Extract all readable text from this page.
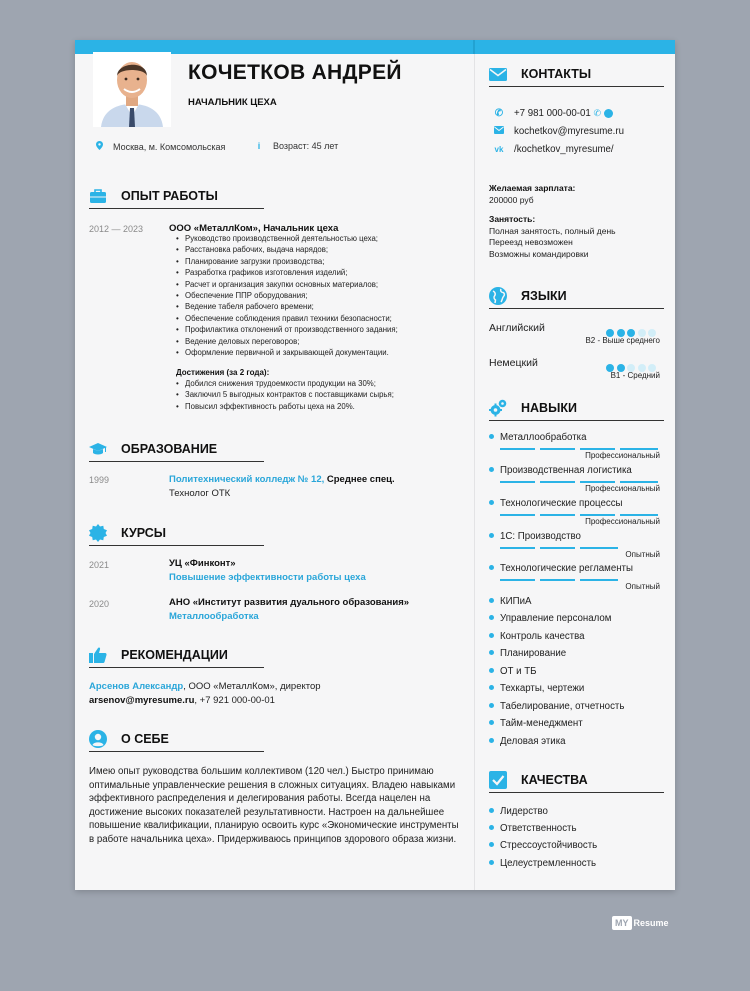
КОЧЕТКОВ АНДРЕЙ
НАЧАЛЬНИК ЦЕХА
Москва, м. Комсомольская	i Возраст: 45 лет
ОПЫТ РАБОТЫ
2012 — 2023	ООО «МеталлКом», Начальник цеха
• Руководство производственной деятельностью цеха;
• Расстановка рабочих, выдача нарядов;
• Планирование загрузки производства;
• Разработка графиков изготовления изделий;
• Расчет и организация закупки основных материалов;
• Обеспечение ППР оборудования;
• Ведение табеля рабочего времени;
• Обеспечение соблюдения правил техники безопасности;
• Профилактика отклонений от производственного задания;
• Ведение деловых переговоров;
• Оформление первичной и закрывающей документации.
Достижения (за 2 года):
• Добился снижения трудоемкости продукции на 30%;
• Заключил 5 выгодных контрактов с поставщиками сырья;
• Повысил эффективность работы цеха на 20%.
ОБРАЗОВАНИЕ
1999	Политехнический колледж № 12, Среднее спец.
Технолог ОТК
КУРСЫ
2021	УЦ «Финконт»
Повышение эффективности работы цеха
2020	АНО «Институт развития дуального образования»
Металлообработка
РЕКОМЕНДАЦИИ
Арсенов Александр, ООО «МеталлКом», директор
arsenov@myresume.ru, +7 921 000-00-01
О СЕБЕ
Имею опыт руководства большим коллективом (120 чел.) Быстро принимаю оптимальные управленческие решения в сложных ситуациях. Владею навыками эффективного распределения и делегирования работы. Всегда нацелен на достижение высоких показателей результативности. Настроен на дальнейшее повышение квалификации, планирую освоить курс «Экономические инструменты в работе начальника цеха». Придерживаюсь принципов здорового образа жизни.
КОНТАКТЫ
✆ +7 981 000-00-01 ✆
kochetkov@myresume.ru
vk /kochetkov_myresume/
Желаемая зарплата:
200000 руб
Занятость:
Полная занятость, полный день
Переезд невозможен
Возможны командировки
ЯЗЫКИ
Английский
B2 - Выше среднего
Немецкий
B1 - Средний
НАВЫКИ
Металлообработка
Профессиональный
Производственная логистика
Профессиональный
Технологические процессы
Профессиональный
1С: Производство
Опытный
Технологические регламенты
Опытный
КИПиА
Управление персоналом
Контроль качества
Планирование
ОТ и ТБ
Техкарты, чертежи
Табелирование, отчетность
Тайм-менеджмент
Деловая этика
КАЧЕСТВА
Лидерство
Ответственность
Стрессоустойчивость
Целеустремленность
MY Resume
